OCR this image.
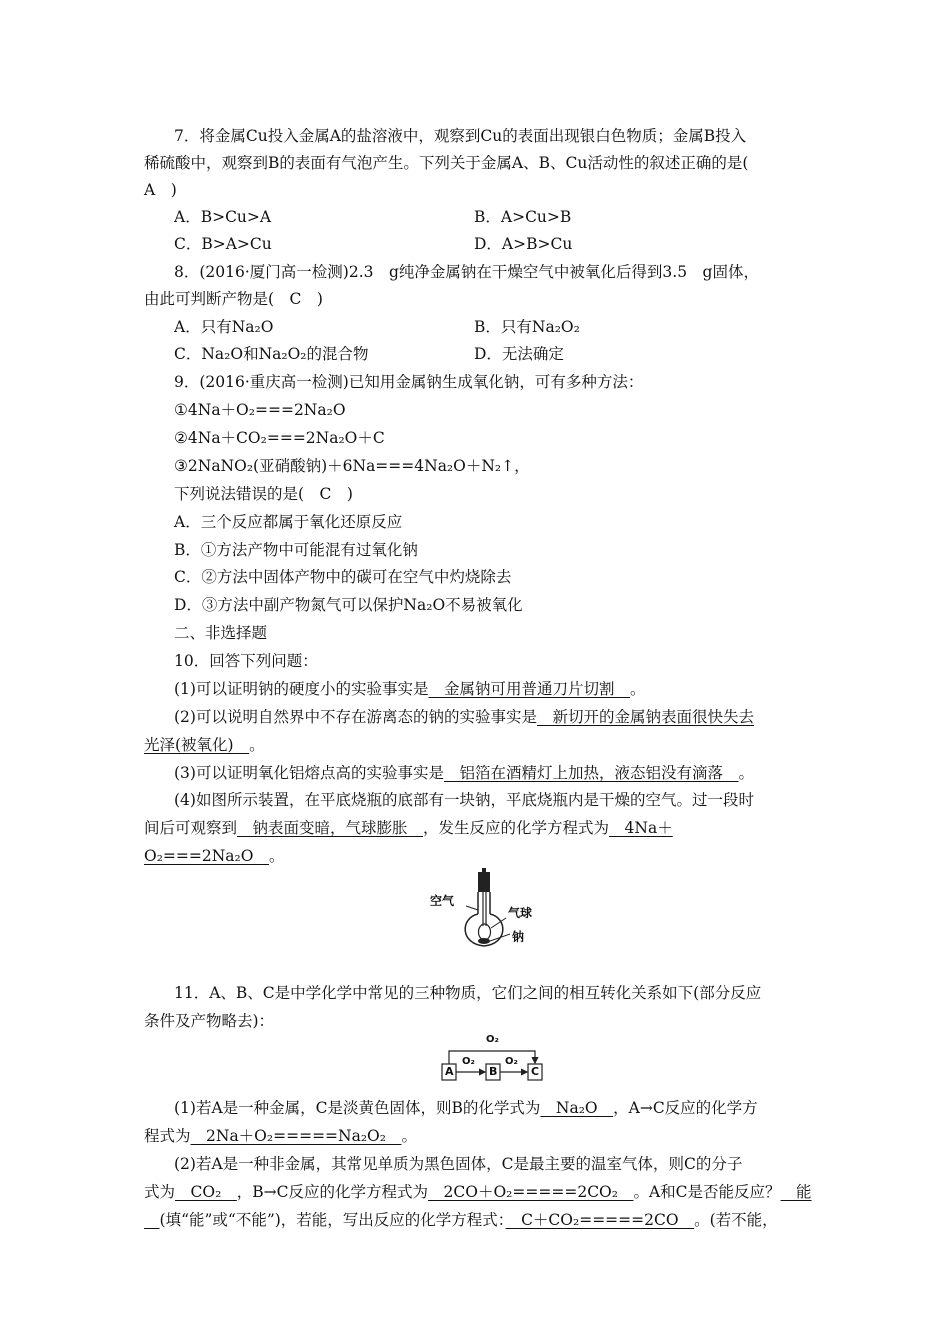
7．将金属Cu投入金属A的盐溶液中，观察到Cu的表面出现银白色物质；金属B投入
稀硫酸中，观察到B的表面有气泡产生。下列关于金属A、B、Cu活动性的叙述正确的是(
A　)
A．B>Cu>A	B．A>Cu>B
C．B>A>Cu	D．A>B>Cu
8．(2016·厦门高一检测)2.3　g纯净金属钠在干燥空气中被氧化后得到3.5　g固体，
由此可判断产物是(　C　)
A．只有Na₂O	B．只有Na₂O₂
C．Na₂O和Na₂O₂的混合物	D．无法确定
9．(2016·重庆高一检测)已知用金属钠生成氧化钠，可有多种方法：
①4Na＋O₂===2Na₂O
②4Na＋CO₂===2Na₂O＋C
③2NaNO₂(亚硝酸钠)＋6Na===4Na₂O＋N₂↑，
下列说法错误的是(　C　)
A．三个反应都属于氧化还原反应
B．①方法产物中可能混有过氧化钠
C．②方法中固体产物中的碳可在空气中灼烧除去
D．③方法中副产物氮气可以保护Na₂O不易被氧化
二、非选择题
10．回答下列问题：
(1)可以证明钠的硬度小的实验事实是　金属钠可用普通刀片切割　。
(2)可以说明自然界中不存在游离态的钠的实验事实是　新切开的金属钠表面很快失去
光泽(被氧化)　。
(3)可以证明氧化铝熔点高的实验事实是　铝箔在酒精灯上加热，液态铝没有滴落　。
(4)如图所示装置，在平底烧瓶的底部有一块钠，平底烧瓶内是干燥的空气。过一段时
间后可观察到　钠表面变暗，气球膨胀　，发生反应的化学方程式为　4Na＋
O₂===2Na₂O　。
空气
气球
钠
11．A、B、C是中学化学中常见的三种物质，它们之间的相互转化关系如下(部分反应
条件及产物略去)：
A	B	C
O₂
O₂	O₂
(1)若A是一种金属，C是淡黄色固体，则B的化学式为　Na₂O　，A→C反应的化学方
程式为　2Na＋O₂=====Na₂O₂　。
(2)若A是一种非金属，其常见单质为黑色固体，C是最主要的温室气体，则C的分子
式为　CO₂　，B→C反应的化学方程式为　2CO＋O₂=====2CO₂　。A和C是否能反应？　能
　(填“能”或“不能”)，若能，写出反应的化学方程式：　C＋CO₂=====2CO　。(若不能，
